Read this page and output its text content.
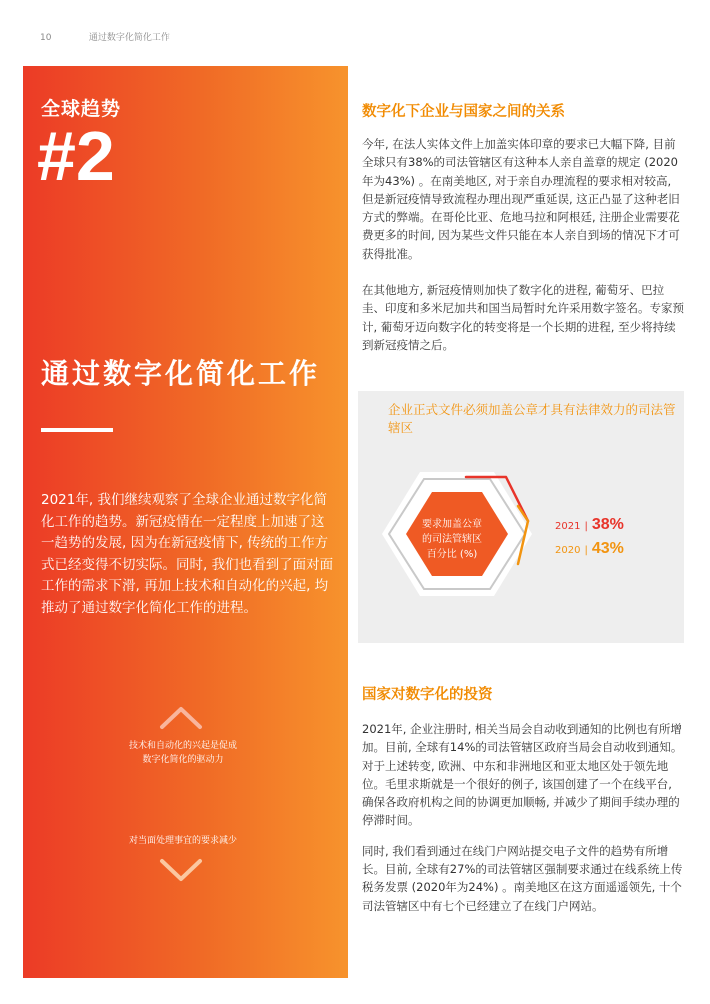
10	通过数字化简化工作
全球趋势
#2
通过数字化简化工作
2021年, 我们继续观察了全球企业通过数字化简化工作的趋势。新冠疫情在一定程度上加速了这一趋势的发展, 因为在新冠疫情下, 传统的工作方式已经变得不切实际。同时, 我们也看到了面对面工作的需求下滑, 再加上技术和自动化的兴起, 均推动了通过数字化简化工作的进程。
技术和自动化的兴起是促成
数字化简化的驱动力
对当面处理事宜的要求减少
数字化下企业与国家之间的关系

今年, 在法人实体文件上加盖实体印章的要求已大幅下降, 目前全球只有38%的司法管辖区有这种本人亲自盖章的规定 (2020年为43%) 。在南美地区, 对于亲自办理流程的要求相对较高, 但是新冠疫情导致流程办理出现严重延误, 这正凸显了这种老旧方式的弊端。在哥伦比亚、危地马拉和阿根廷, 注册企业需要花费更多的时间, 因为某些文件只能在本人亲自到场的情况下才可获得批准。

在其他地方, 新冠疫情则加快了数字化的进程, 葡萄牙、巴拉圭、印度和多米尼加共和国当局暂时允许采用数字签名。专家预计, 葡萄牙迈向数字化的转变将是一个长期的进程, 至少将持续到新冠疫情之后。

企业正式文件必须加盖公章才具有法律效力的司法管辖区
要求加盖公章
的司法管辖区
百分比 (%)
2021 | 38%
2020 | 43%
国家对数字化的投资

2021年, 企业注册时, 相关当局会自动收到通知的比例也有所增加。目前, 全球有14%的司法管辖区政府当局会自动收到通知。对于上述转变, 欧洲、中东和非洲地区和亚太地区处于领先地位。毛里求斯就是一个很好的例子, 该国创建了一个在线平台, 确保各政府机构之间的协调更加顺畅, 并减少了期间手续办理的停滞时间。

同时, 我们看到通过在线门户网站提交电子文件的趋势有所增长。目前, 全球有27%的司法管辖区强制要求通过在线系统上传税务发票 (2020年为24%) 。南美地区在这方面遥遥领先, 十个司法管辖区中有七个已经建立了在线门户网站。
